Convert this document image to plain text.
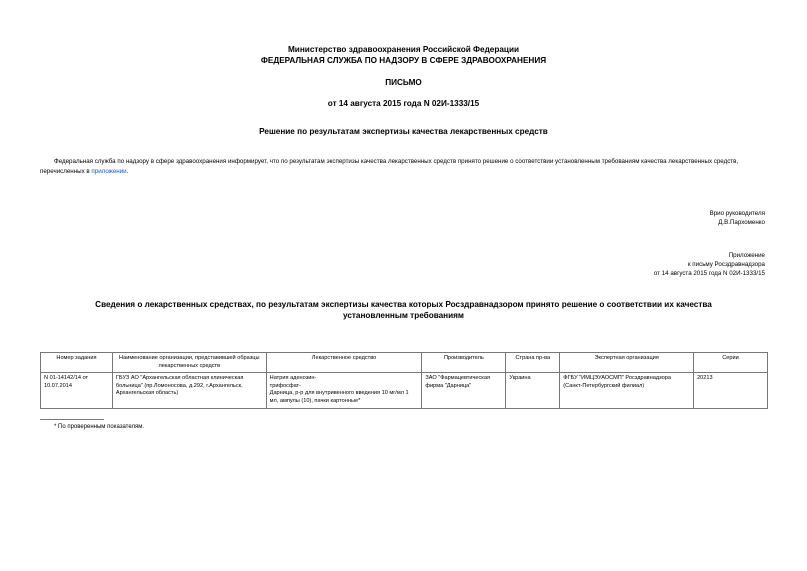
Министерство здравоохранения Российской Федерации
ФЕДЕРАЛЬНАЯ СЛУЖБА ПО НАДЗОРУ В СФЕРЕ ЗДРАВООХРАНЕНИЯ
ПИСЬМО
от 14 августа 2015 года N 02И-1333/15
Решение по результатам экспертизы качества лекарственных средств
Федеральная служба по надзору в сфере здравоохранения информирует, что по результатам экспертизы качества лекарственных средств принято решение о соответствии установленным требованиям качества лекарственных средств, перечисленных в приложении.
Врио руководителя
Д.В.Пархоменко
Приложение
к письму Росздравнадзора
от 14 августа 2015 года N 02И-1333/15
Сведения о лекарственных средствах, по результатам экспертизы качества которых Росздравнадзором принято решение о соответствии их качества установленным требованиям
Номер задания	Наименование организации, представившей образцы лекарственных средств	Лекарственное средство	Производитель	Страна пр-ва	Экспертная организация	Серии
N 01-14142/14 от 10.07.2014	ГБУЗ АО "Архангельская областная клиническая больница" (пр.Ломоносова, д.292, г.Архангельск, Архангельская область)	Натрия аденозин-
трифосфат-
Дарница, р-р для внутривенного введения 10 мг/мл 1 мл, ампулы (10), пачки картонные*	ЗАО "Фармацевтическая фирма "Дарница"	Украина	ФГБУ "ИМЦЭУАОСМП" Росздравнадзора (Санкт-Петербургский филиал)	20213
* По проверенным показателям.
